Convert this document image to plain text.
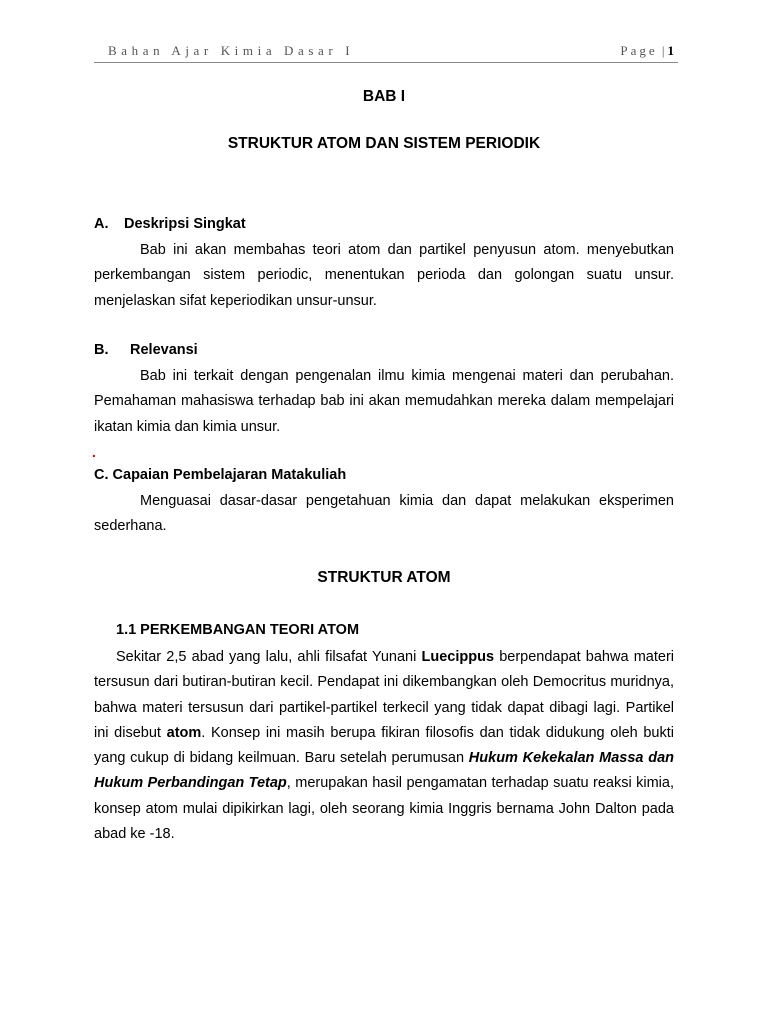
Bahan Ajar Kimia Dasar I	Page | 1
BAB I
STRUKTUR ATOM DAN SISTEM PERIODIK
A. Deskripsi Singkat
Bab ini akan membahas teori atom dan partikel penyusun atom. menyebutkan perkembangan sistem periodic, menentukan perioda dan golongan suatu unsur. menjelaskan sifat keperiodikan unsur-unsur.
B. Relevansi
Bab ini terkait dengan pengenalan ilmu kimia mengenai materi dan perubahan. Pemahaman mahasiswa terhadap bab ini akan memudahkan mereka dalam mempelajari ikatan kimia dan kimia unsur.
.
C. Capaian Pembelajaran Matakuliah
Menguasai dasar-dasar pengetahuan kimia dan dapat melakukan eksperimen sederhana.
STRUKTUR ATOM
1.1 PERKEMBANGAN TEORI ATOM
Sekitar 2,5 abad yang lalu, ahli filsafat Yunani Luecippus berpendapat bahwa materi tersusun dari butiran-butiran kecil. Pendapat ini dikembangkan oleh Democritus muridnya, bahwa materi tersusun dari partikel-partikel terkecil yang tidak dapat dibagi lagi. Partikel ini disebut atom. Konsep ini masih berupa fikiran filosofis dan tidak didukung oleh bukti yang cukup di bidang keilmuan. Baru setelah perumusan Hukum Kekekalan Massa dan Hukum Perbandingan Tetap, merupakan hasil pengamatan terhadap suatu reaksi kimia, konsep atom mulai dipikirkan lagi, oleh seorang kimia Inggris bernama John Dalton pada abad ke -18.
